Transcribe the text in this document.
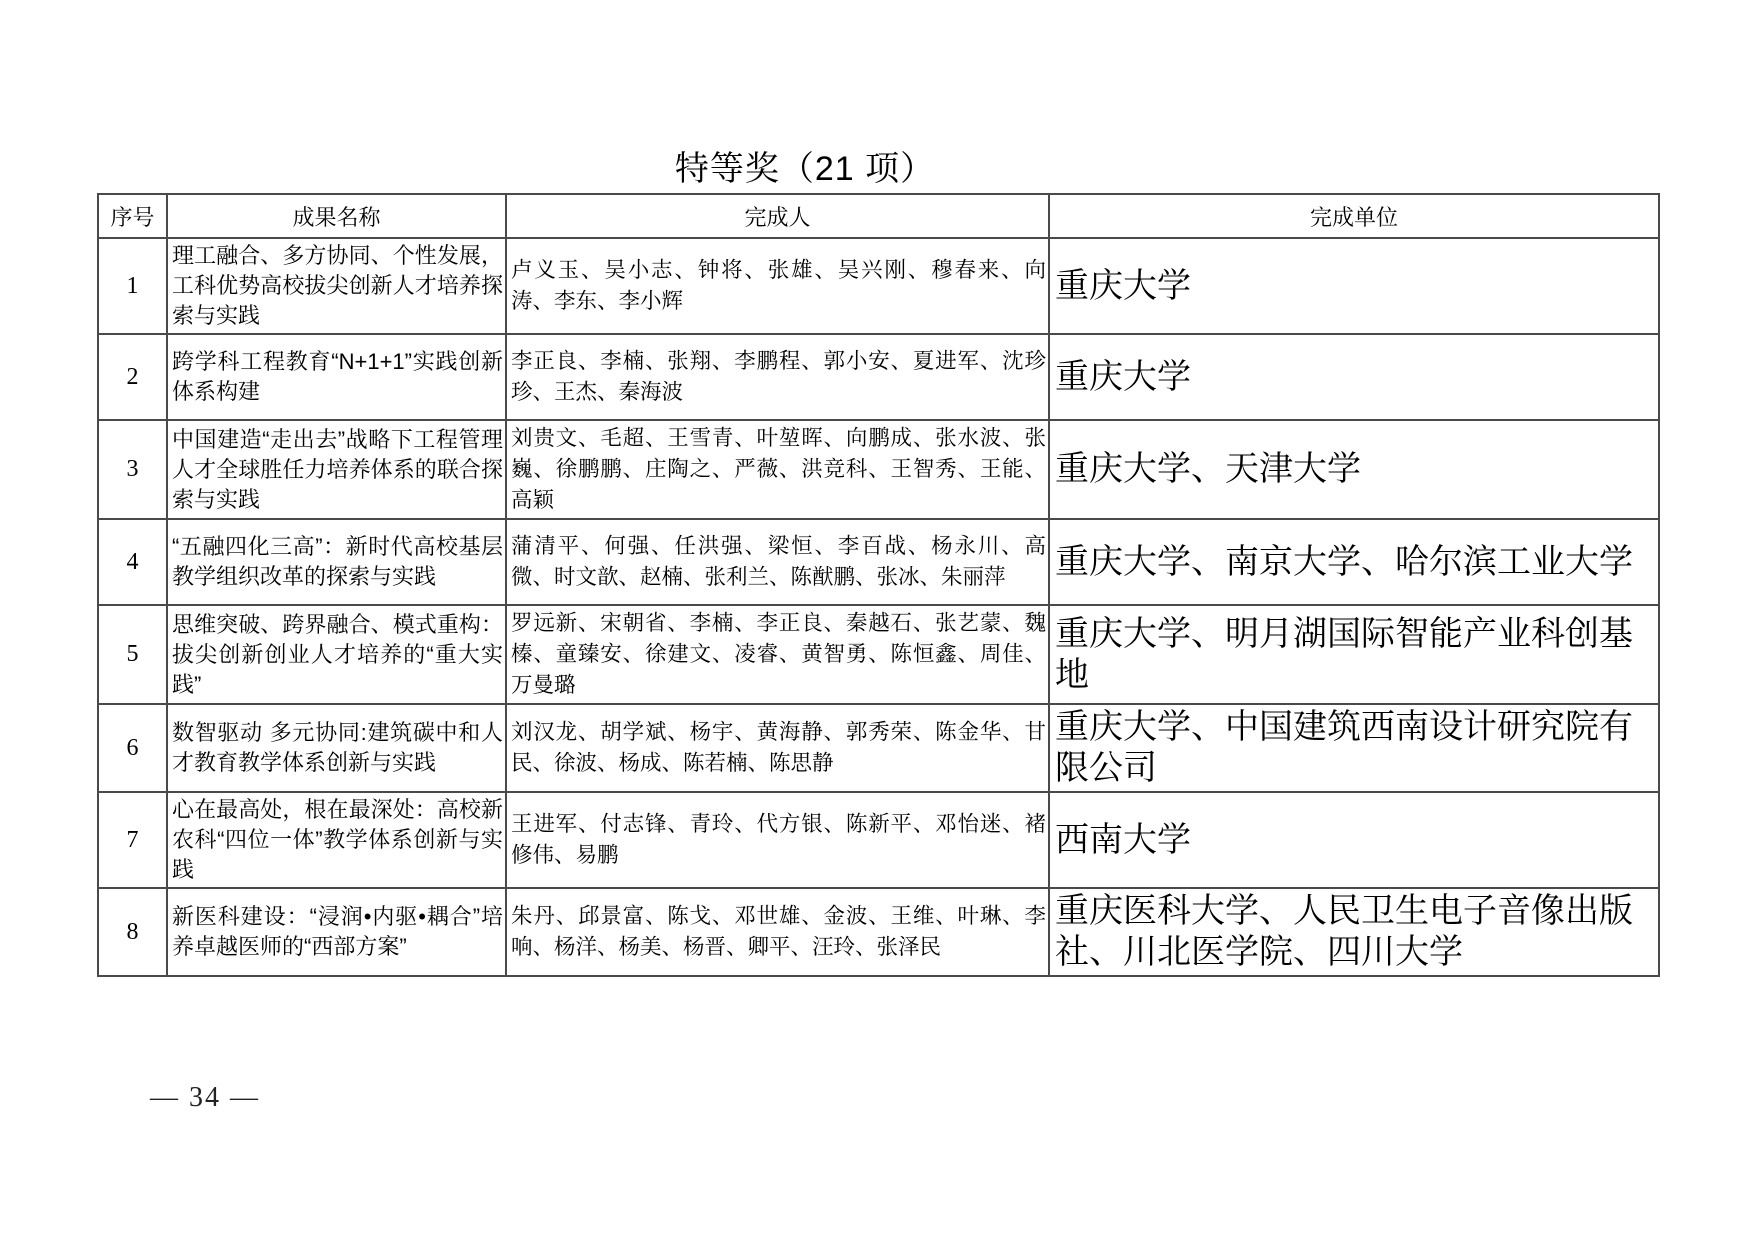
特等奖（21 项）
序号	成果名称	完成人	完成单位
1	理工融合、多方协同、个性发展，工科优势高校拔尖创新人才培养探索与实践	卢义玉、吴小志、钟将、张雄、吴兴刚、穆春来、向涛、李东、李小辉	重庆大学
2	跨学科工程教育“N+1+1”实践创新体系构建	李正良、李楠、张翔、李鹏程、郭小安、夏进军、沈珍珍、王杰、秦海波	重庆大学
3	中国建造“走出去”战略下工程管理人才全球胜任力培养体系的联合探索与实践	刘贵文、毛超、王雪青、叶堃晖、向鹏成、张水波、张巍、徐鹏鹏、庄陶之、严薇、洪竞科、王智秀、王能、高颖	重庆大学、天津大学
4	“五融四化三高”：新时代高校基层教学组织改革的探索与实践	蒲清平、何强、任洪强、梁恒、李百战、杨永川、高微、时文歆、赵楠、张利兰、陈猷鹏、张冰、朱丽萍	重庆大学、南京大学、哈尔滨工业大学
5	思维突破、跨界融合、模式重构：拔尖创新创业人才培养的“重大实践”	罗远新、宋朝省、李楠、李正良、秦越石、张艺蒙、魏榛、童臻安、徐建文、凌睿、黄智勇、陈恒鑫、周佳、万曼璐	重庆大学、明月湖国际智能产业科创基地
6	数智驱动 多元协同:建筑碳中和人才教育教学体系创新与实践	刘汉龙、胡学斌、杨宇、黄海静、郭秀荣、陈金华、甘民、徐波、杨成、陈若楠、陈思静	重庆大学、中国建筑西南设计研究院有限公司
7	心在最高处，根在最深处：高校新农科“四位一体”教学体系创新与实践	王进军、付志锋、青玲、代方银、陈新平、邓怡迷、褚修伟、易鹏	西南大学
8	新医科建设：“浸润•内驱•耦合”培养卓越医师的“西部方案”	朱丹、邱景富、陈戈、邓世雄、金波、王维、叶琳、李响、杨洋、杨美、杨晋、卿平、汪玲、张泽民	重庆医科大学、人民卫生电子音像出版社、川北医学院、四川大学
— 34 —
